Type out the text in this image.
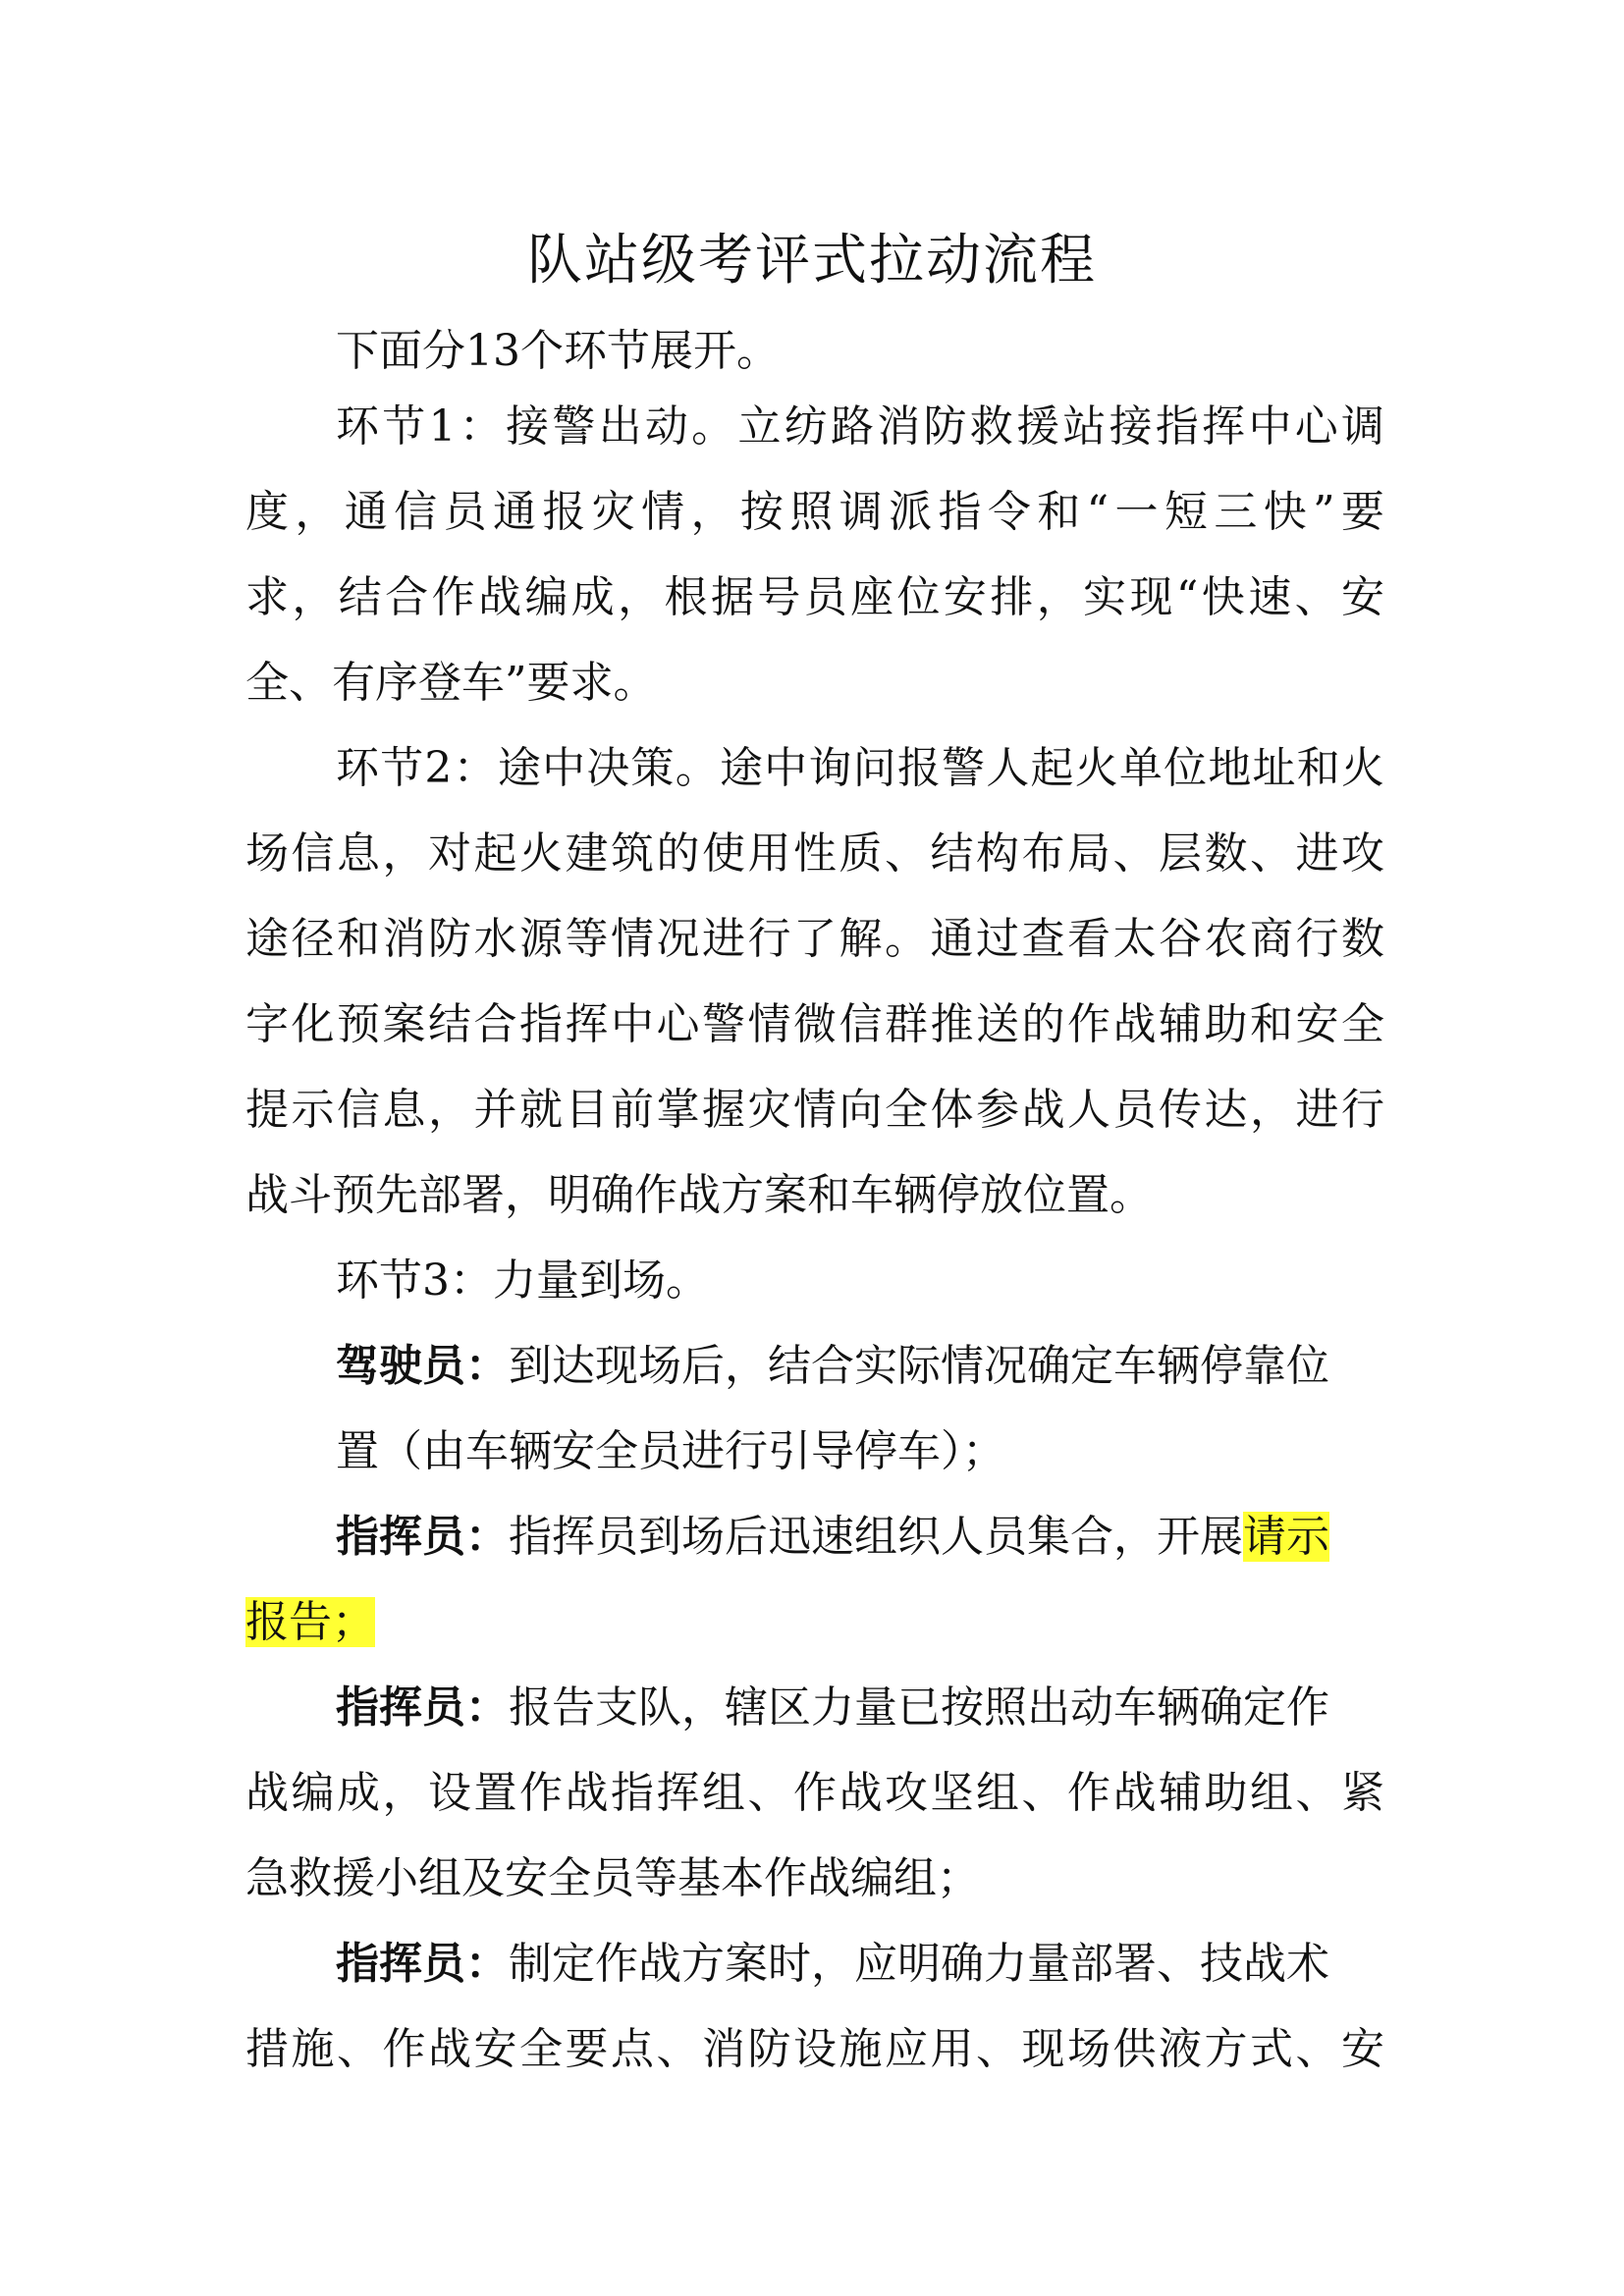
队站级考评式拉动流程

下面分13个环节展开。

环节1：接警出动。立纺路消防救援站接指挥中心调

度，通信员通报灾情，按照调派指令和“一短三快”要

求，结合作战编成，根据号员座位安排，实现“快速、安

全、有序登车”要求。

环节2：途中决策。途中询问报警人起火单位地址和火

场信息，对起火建筑的使用性质、结构布局、层数、进攻

途径和消防水源等情况进行了解。通过查看太谷农商行数

字化预案结合指挥中心警情微信群推送的作战辅助和安全

提示信息，并就目前掌握灾情向全体参战人员传达，进行

战斗预先部署，明确作战方案和车辆停放位置。

环节3：力量到场。

驾驶员：到达现场后，结合实际情况确定车辆停靠位

置（由车辆安全员进行引导停车）；

指挥员：指挥员到场后迅速组织人员集合，开展请示

报告；

指挥员：报告支队，辖区力量已按照出动车辆确定作

战编成，设置作战指挥组、作战攻坚组、作战辅助组、紧

急救援小组及安全员等基本作战编组；

指挥员：制定作战方案时，应明确力量部署、技战术

措施、作战安全要点、消防设施应用、现场供液方式、安
